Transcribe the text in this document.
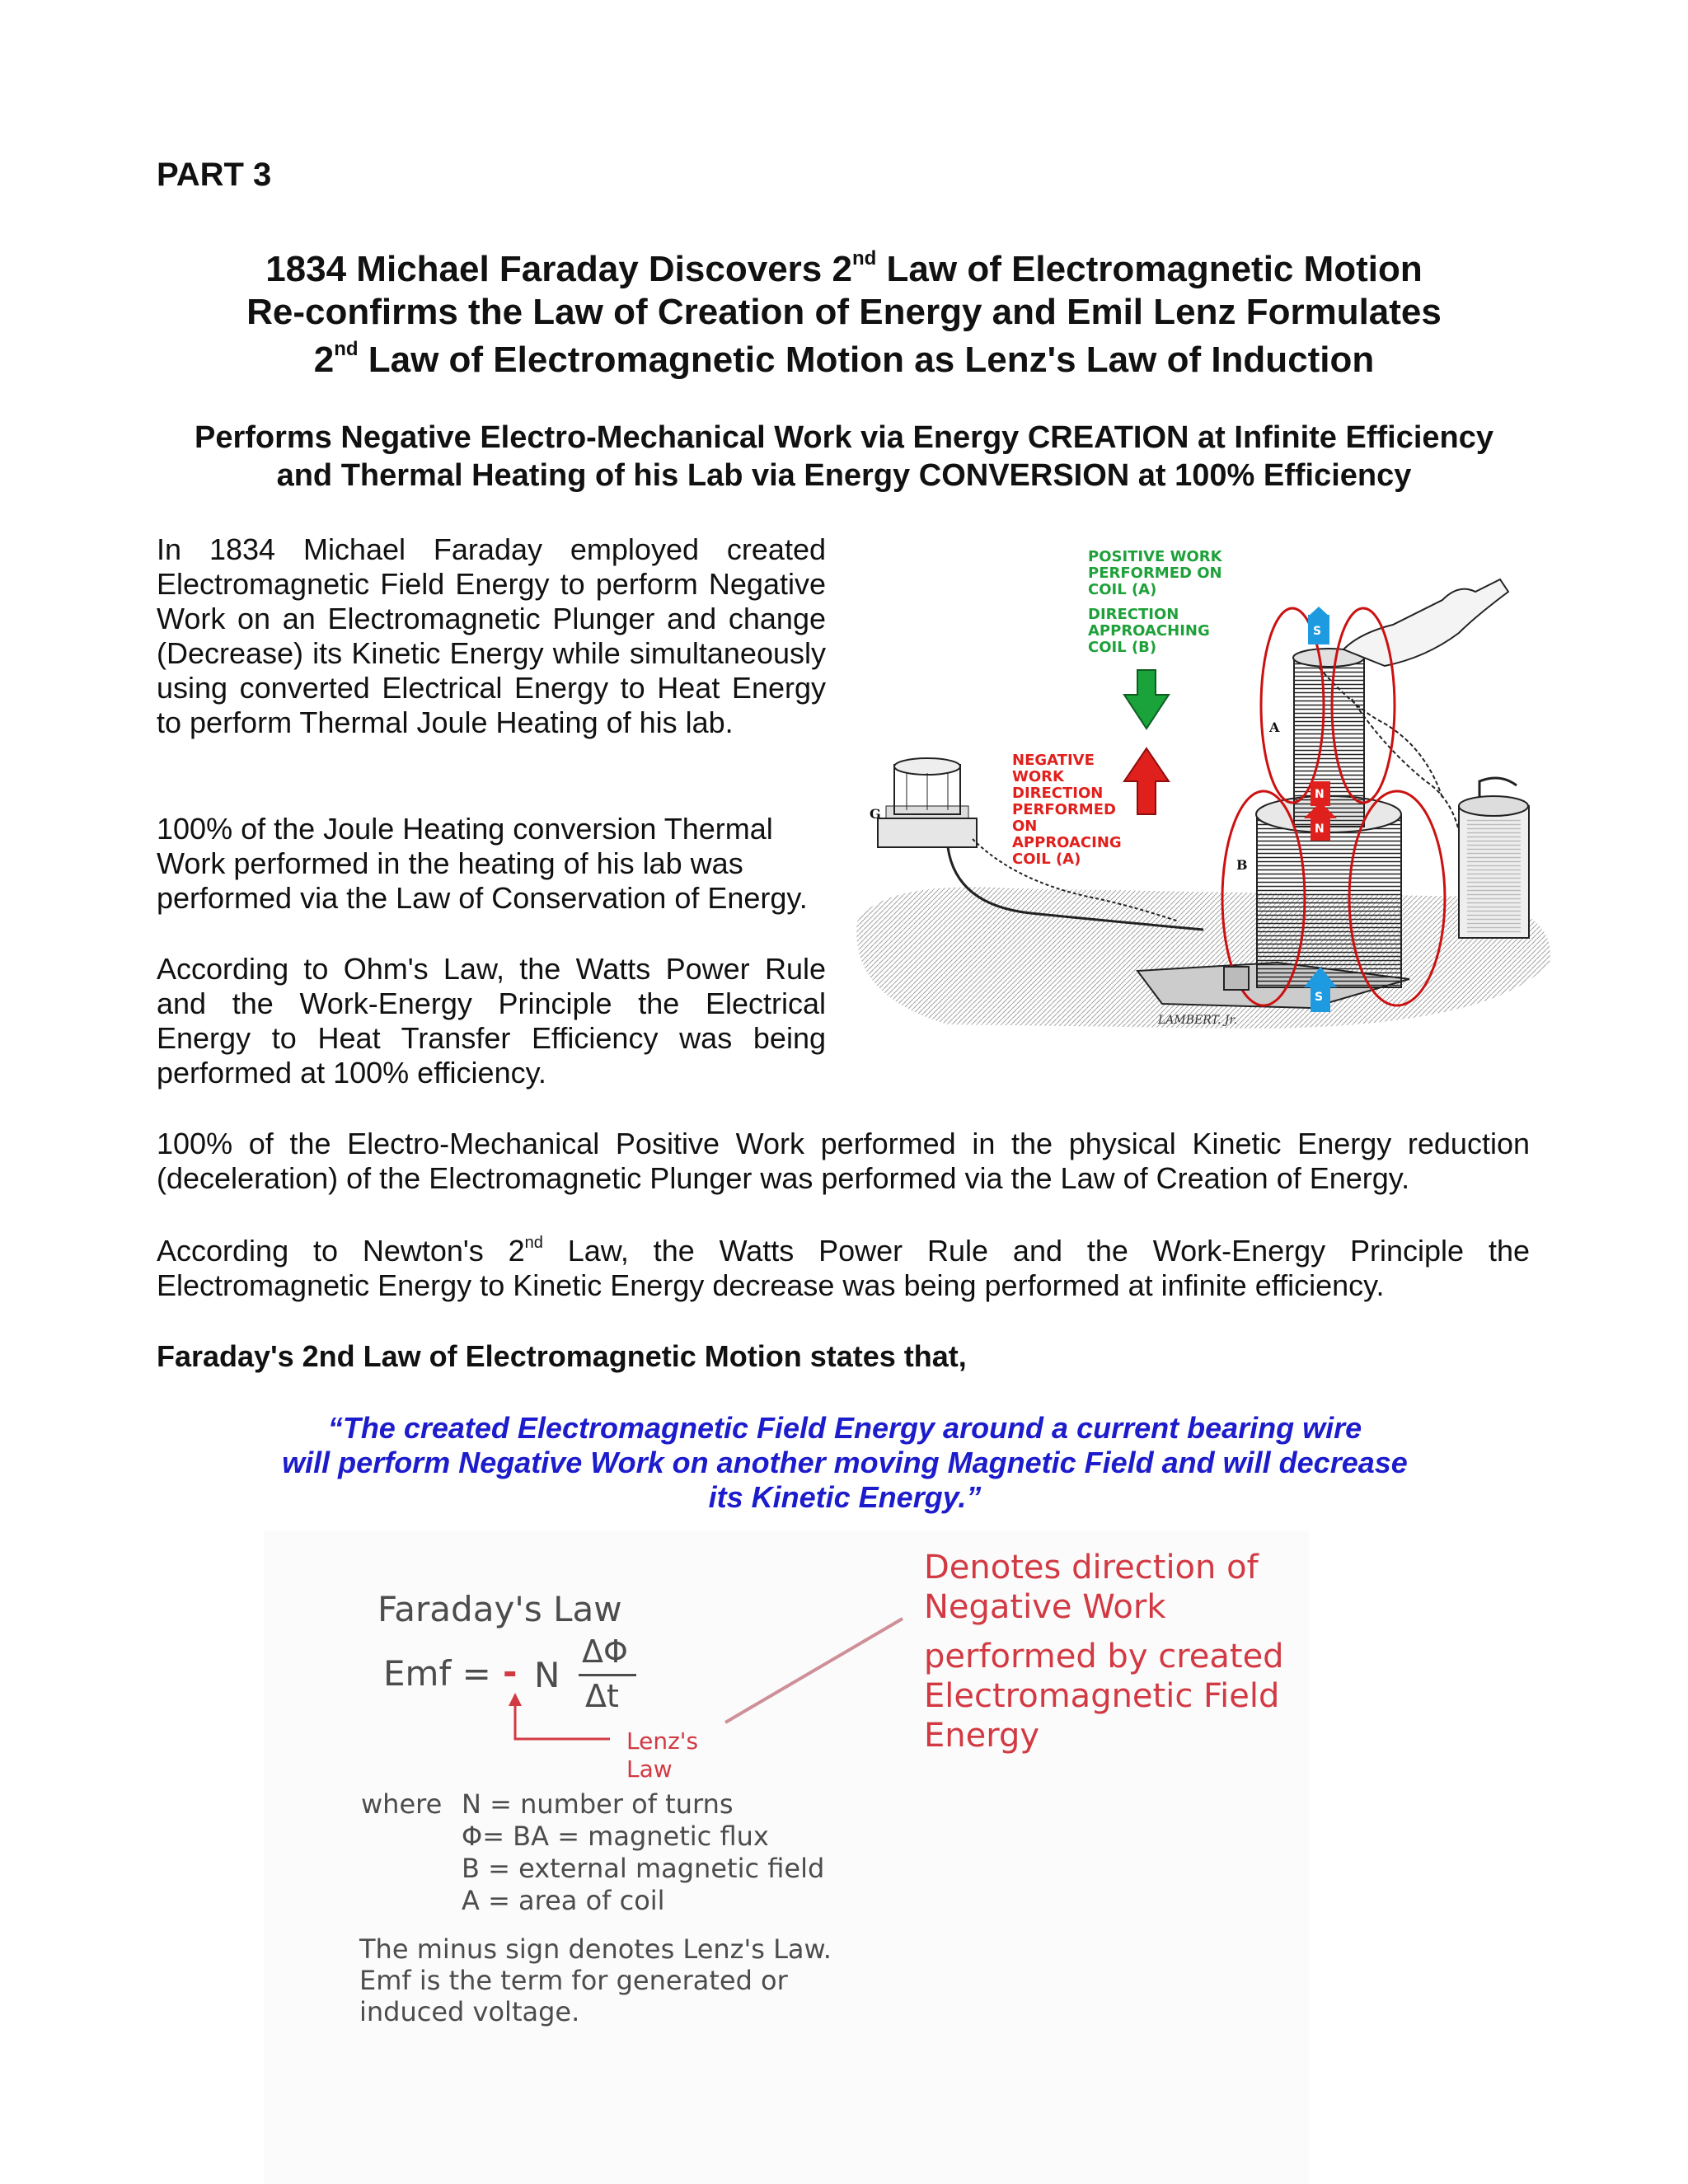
PART 3

1834 Michael Faraday Discovers 2nd Law of Electromagnetic Motion
Re-confirms the Law of Creation of Energy and Emil Lenz Formulates
2nd Law of Electromagnetic Motion as Lenz's Law of Induction
Performs Negative Electro-Mechanical Work via Energy CREATION at Infinite Efficiency
and Thermal Heating of his Lab via Energy CONVERSION at 100% Efficiency

In 1834 Michael Faraday employed created Electromagnetic Field Energy to perform Negative Work on an Electromagnetic Plunger and change (Decrease) its Kinetic Energy while simultaneously using converted Electrical Energy to Heat Energy to perform Thermal Joule Heating of his lab.

100% of the Joule Heating conversion Thermal Work performed in the heating of his lab was performed via the Law of Conservation of Energy.

According to Ohm's Law, the Watts Power Rule and the Work-Energy Principle the Electrical Energy to Heat Transfer Efficiency was being performed at 100% efficiency.

100% of the Electro-Mechanical Positive Work performed in the physical Kinetic Energy reduction (deceleration) of the Electromagnetic Plunger was performed via the Law of Creation of Energy.

According to Newton's 2nd Law, the Watts Power Rule and the Work-Energy Principle the Electromagnetic Energy to Kinetic Energy decrease was being performed at infinite efficiency.

Faraday's 2nd Law of Electromagnetic Motion states that,

“The created Electromagnetic Field Energy around a current bearing wire
will perform Negative Work on another moving Magnetic Field and will decrease
its Kinetic Energy.”
POSITIVE WORK
PERFORMED ON
COIL (A)
DIRECTION
APPROACHING
COIL (B)
NEGATIVE
WORK
DIRECTION
PERFORMED
ON
APPROACING
COIL (A)
A
B
G
S
N
N
S
LAMBERT. Jr.
Faraday's Law
Emf = - N
ΔΦ
Δt
Lenz's
Law
where N = number of turns
Φ= BA = magnetic flux
B = external magnetic field
A = area of coil
The minus sign denotes Lenz's Law.
Emf is the term for generated or
induced voltage.
Denotes direction of
Negative Work
performed by created
Electromagnetic Field
Energy
